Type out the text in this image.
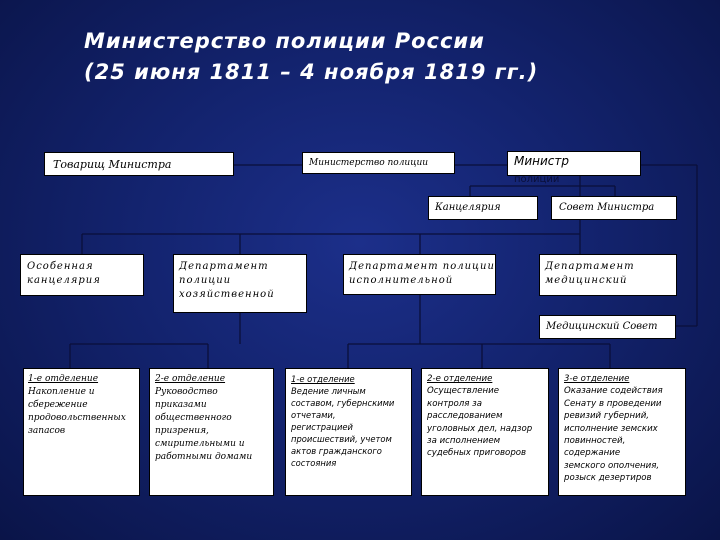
Министерство полиции России
(25 июня 1811 – 4 ноября 1819 гг.)
Товарищ Министра	Министерство полиции	Министр
полиции
Канцелярия	Совет Министра
Особенная
канцелярия
Департамент
полиции
хозяйственной
Департамент полиции
исполнительной
Департамент
медицинский
Медицинский Совет
1-е отделение
Накопление и
сбережение
продовольственных
запасов
2-е отделение
Руководство
приказами
общественного
призрения,
смирительными и
работными домами
1-е отделение
Ведение личным
составом, губернскими
отчетами,
регистрацией
происшествий, учетом
актов гражданского
состояния
2-е отделение
Осуществление
контроля за
расследованием
уголовных дел, надзор
за исполнением
судебных приговоров
3-е отделение
Оказание содействия
Сенату в проведении
ревизий губерний,
исполнение земских
повинностей,
содержание
земского ополчения,
розыск дезертиров
